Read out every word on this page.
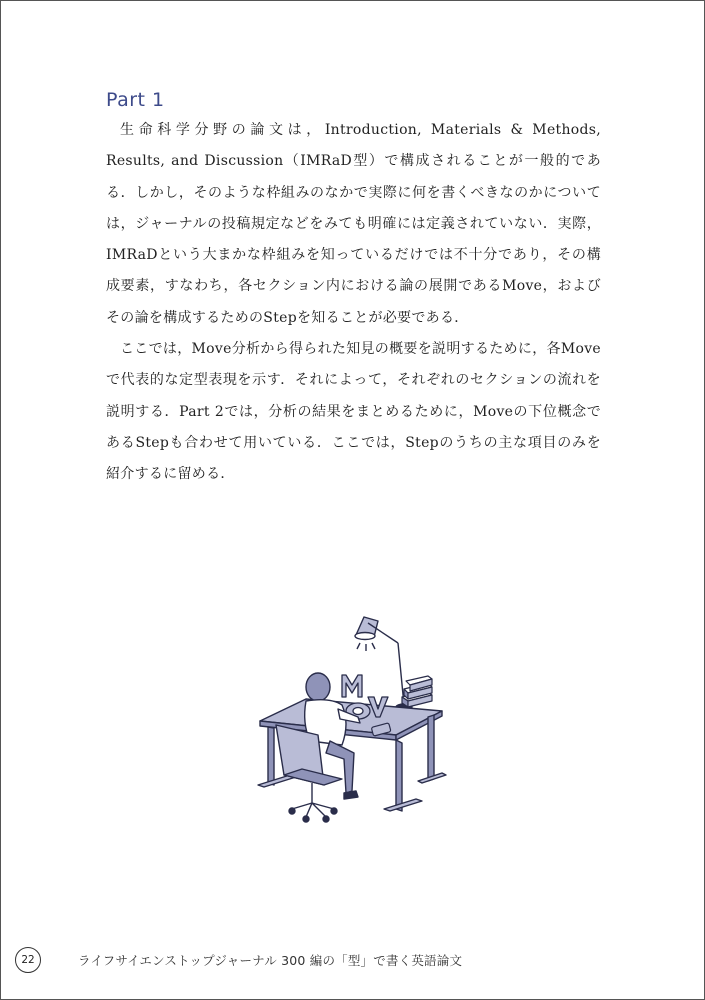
Part 1

生命科学分野の論文は，Introduction, Materials & Methods, Results, and Discussion（IMRaD型）で構成されることが一般的である．しかし，そのような枠組みのなかで実際に何を書くべきなのかについては，ジャーナルの投稿規定などをみても明確には定義されていない．実際，IMRaDという大まかな枠組みを知っているだけでは不十分であり，その構成要素，すなわち，各セクション内における論の展開であるMove，およびその論を構成するためのStepを知ることが必要である．

ここでは，Move分析から得られた知見の概要を説明するために，各Moveで代表的な定型表現を示す．それによって，それぞれのセクションの流れを説明する．Part 2では，分析の結果をまとめるために，Moveの下位概念であるStepも合わせて用いている．ここでは，Stepのうちの主な項目のみを紹介するに留める．

22	ライフサイエンストップジャーナル 300 編の「型」で書く英語論文
